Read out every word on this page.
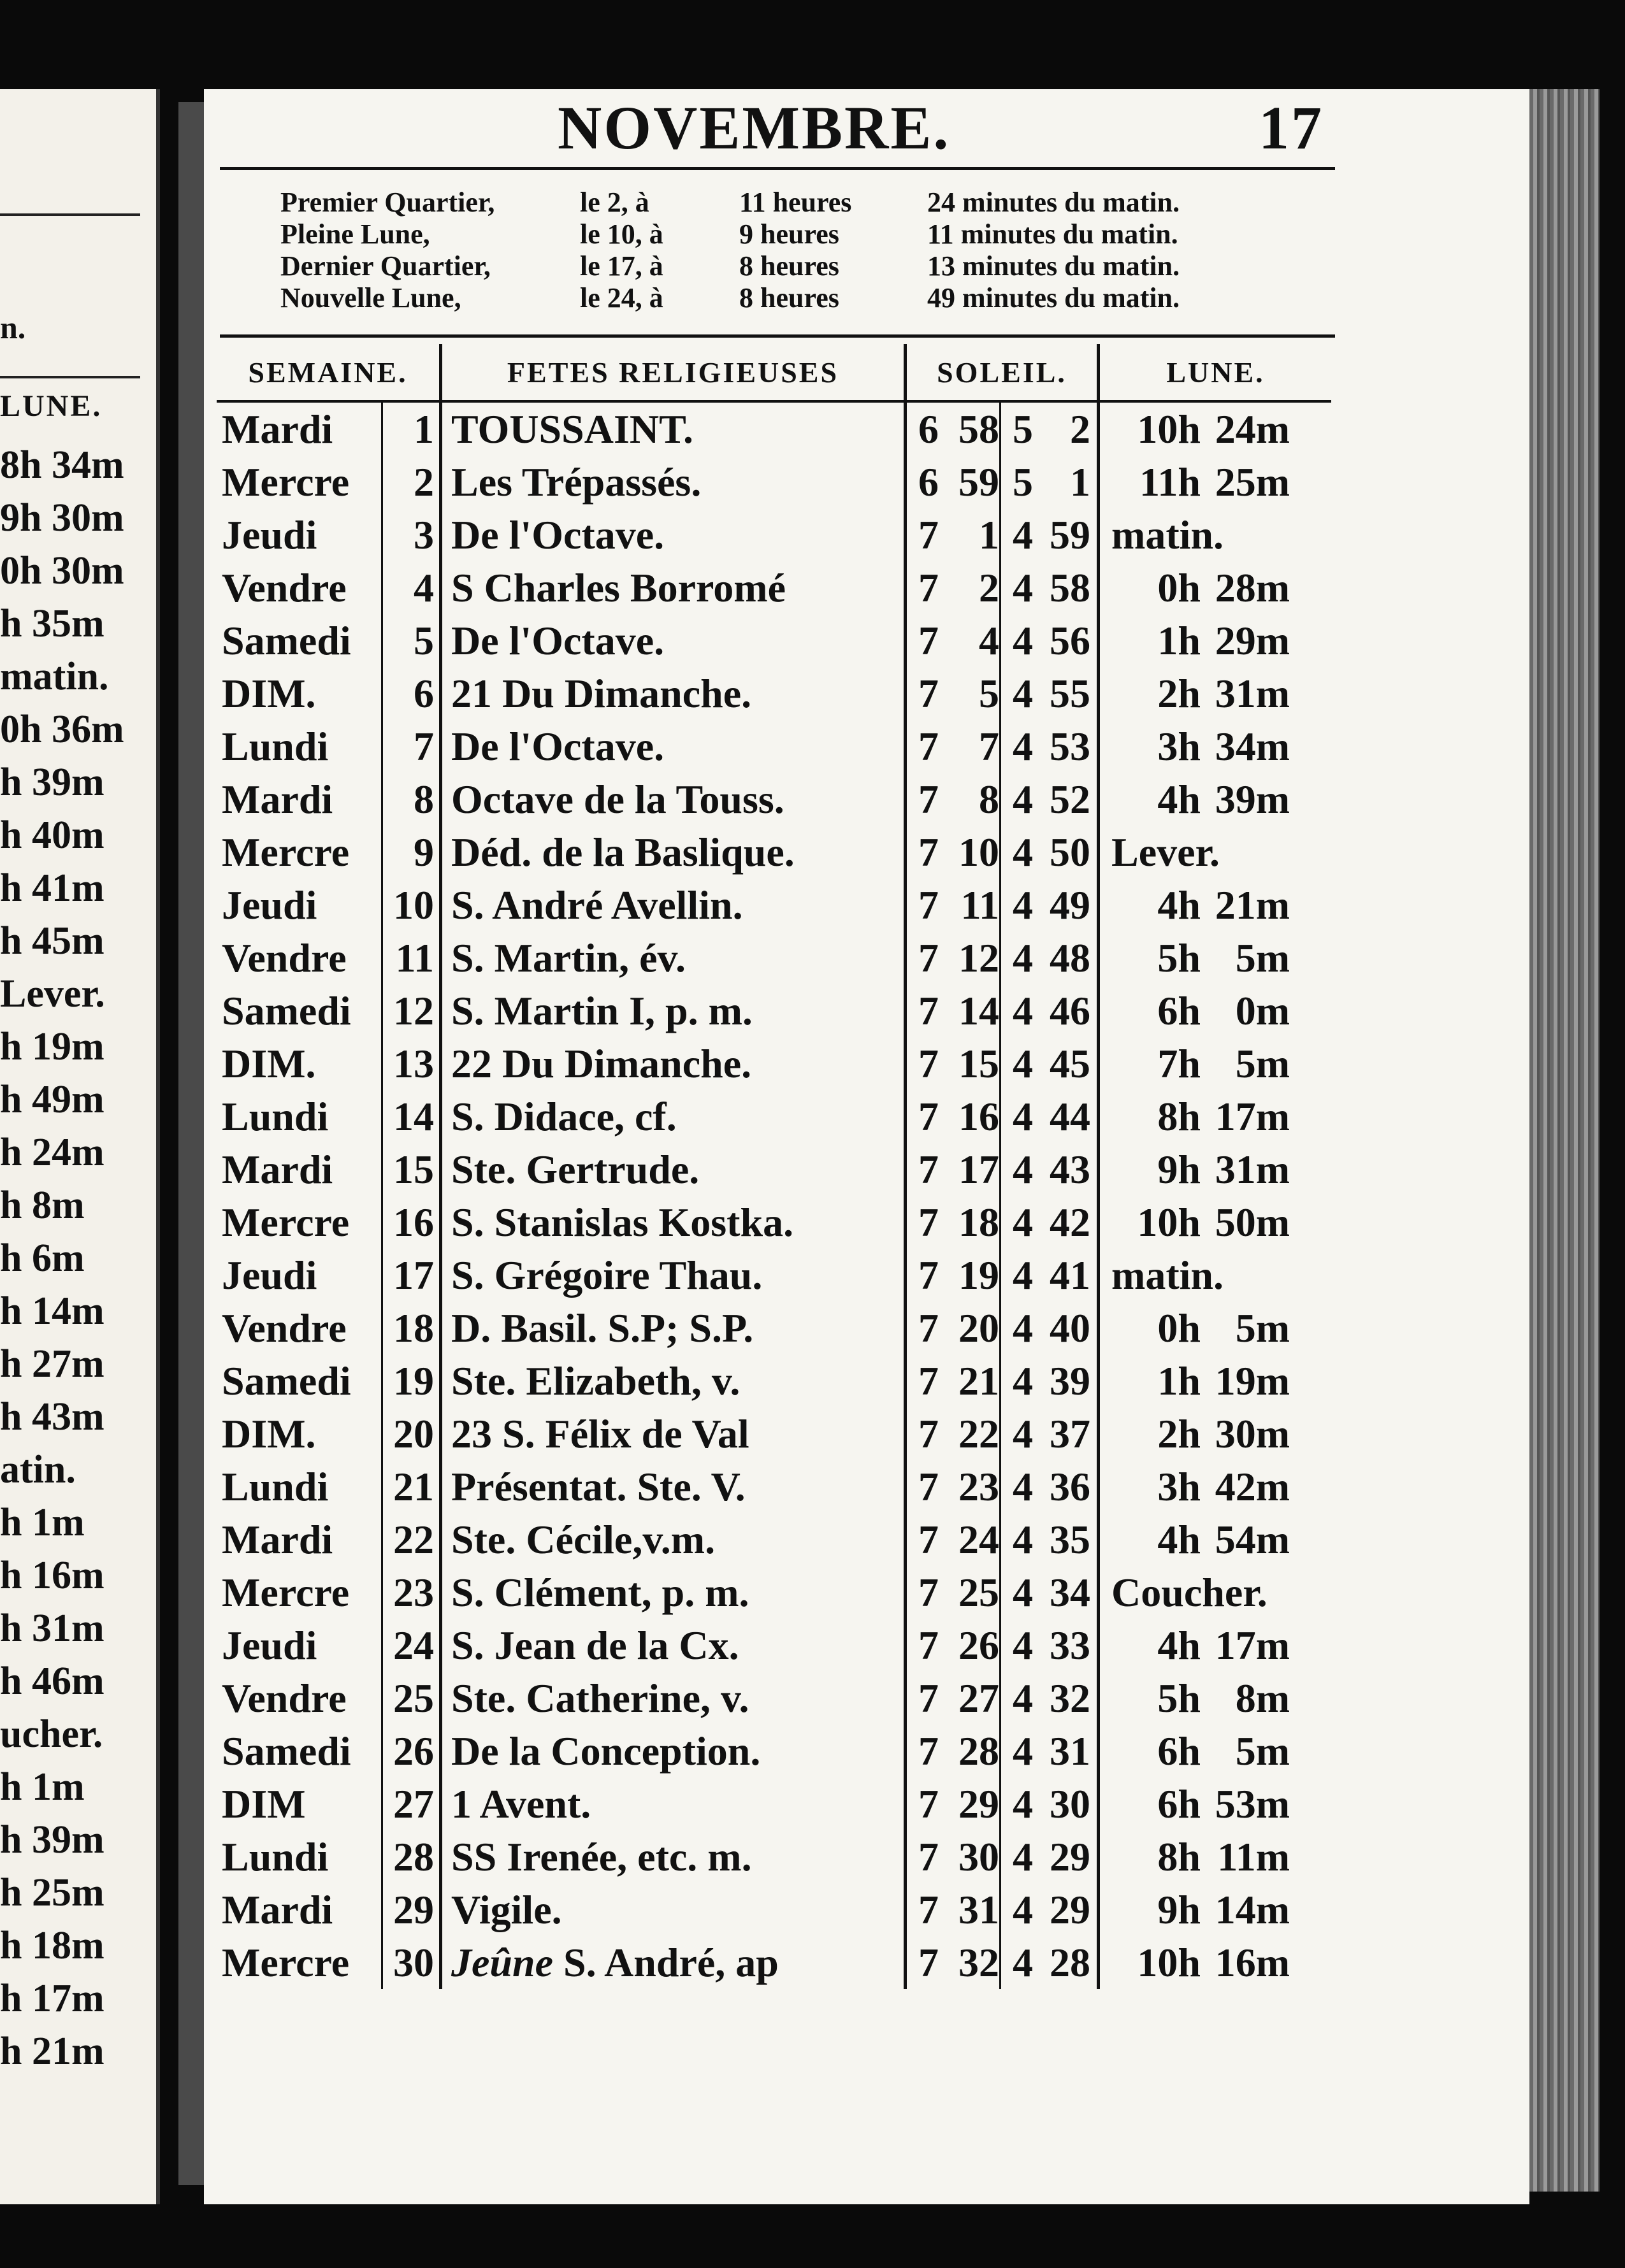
n.
LUNE.
8h 34m
9h 30m
0h 30m
h 35m
matin.
0h 36m
h 39m
h 40m
h 41m
h 45m
Lever.
h 19m
h 49m
h 24m
h 8m
h 6m
h 14m
h 27m
h 43m
atin.
h 1m
h 16m
h 31m
h 46m
ucher.
h 1m
h 39m
h 25m
h 18m
h 17m
h 21m
NOVEMBRE.	17
Premier Quartier,	le 2, à	11 heures	24 minutes du matin.
Pleine Lune,	le 10, à	9 heures	11 minutes du matin.
Dernier Quartier,	le 17, à	8 heures	13 minutes du matin.
Nouvelle Lune,	le 24, à	8 heures	49 minutes du matin.
SEMAINE.		FETES RELIGIEUSES	SOLEIL.				LUNE.
Mardi	1	TOUSSAINT.	6	58	5	2	10h 24m
Mercre	2	Les Trépassés.	6	59	5	1	11h 25m
Jeudi	3	De l'Octave.	7	1	4	59	matin.
Vendre	4	S Charles Borromé	7	2	4	58	0h 28m
Samedi	5	De l'Octave.	7	4	4	56	1h 29m
DIM.	6	21 Du Dimanche.	7	5	4	55	2h 31m
Lundi	7	De l'Octave.	7	7	4	53	3h 34m
Mardi	8	Octave de la Touss.	7	8	4	52	4h 39m
Mercre	9	Déd. de la Baslique.	7	10	4	50	Lever.
Jeudi	10	S. André Avellin.	7	11	4	49	4h 21m
Vendre	11	S. Martin, év.	7	12	4	48	5h 5m
Samedi	12	S. Martin I, p. m.	7	14	4	46	6h 0m
DIM.	13	22 Du Dimanche.	7	15	4	45	7h 5m
Lundi	14	S. Didace, cf.	7	16	4	44	8h 17m
Mardi	15	Ste. Gertrude.	7	17	4	43	9h 31m
Mercre	16	S. Stanislas Kostka.	7	18	4	42	10h 50m
Jeudi	17	S. Grégoire Thau.	7	19	4	41	matin.
Vendre	18	D. Basil. S.P; S.P.	7	20	4	40	0h 5m
Samedi	19	Ste. Elizabeth, v.	7	21	4	39	1h 19m
DIM.	20	23 S. Félix de Val	7	22	4	37	2h 30m
Lundi	21	Présentat. Ste. V.	7	23	4	36	3h 42m
Mardi	22	Ste. Cécile,v.m.	7	24	4	35	4h 54m
Mercre	23	S. Clément, p. m.	7	25	4	34	Coucher.
Jeudi	24	S. Jean de la Cx.	7	26	4	33	4h 17m
Vendre	25	Ste. Catherine, v.	7	27	4	32	5h 8m
Samedi	26	De la Conception.	7	28	4	31	6h 5m
DIM	27	1 Avent.	7	29	4	30	6h 53m
Lundi	28	SS Irenée, etc. m.	7	30	4	29	8h 11m
Mardi	29	Vigile.	7	31	4	29	9h 14m
Mercre	30	Jeûne S. André, ap	7	32	4	28	10h 16m
